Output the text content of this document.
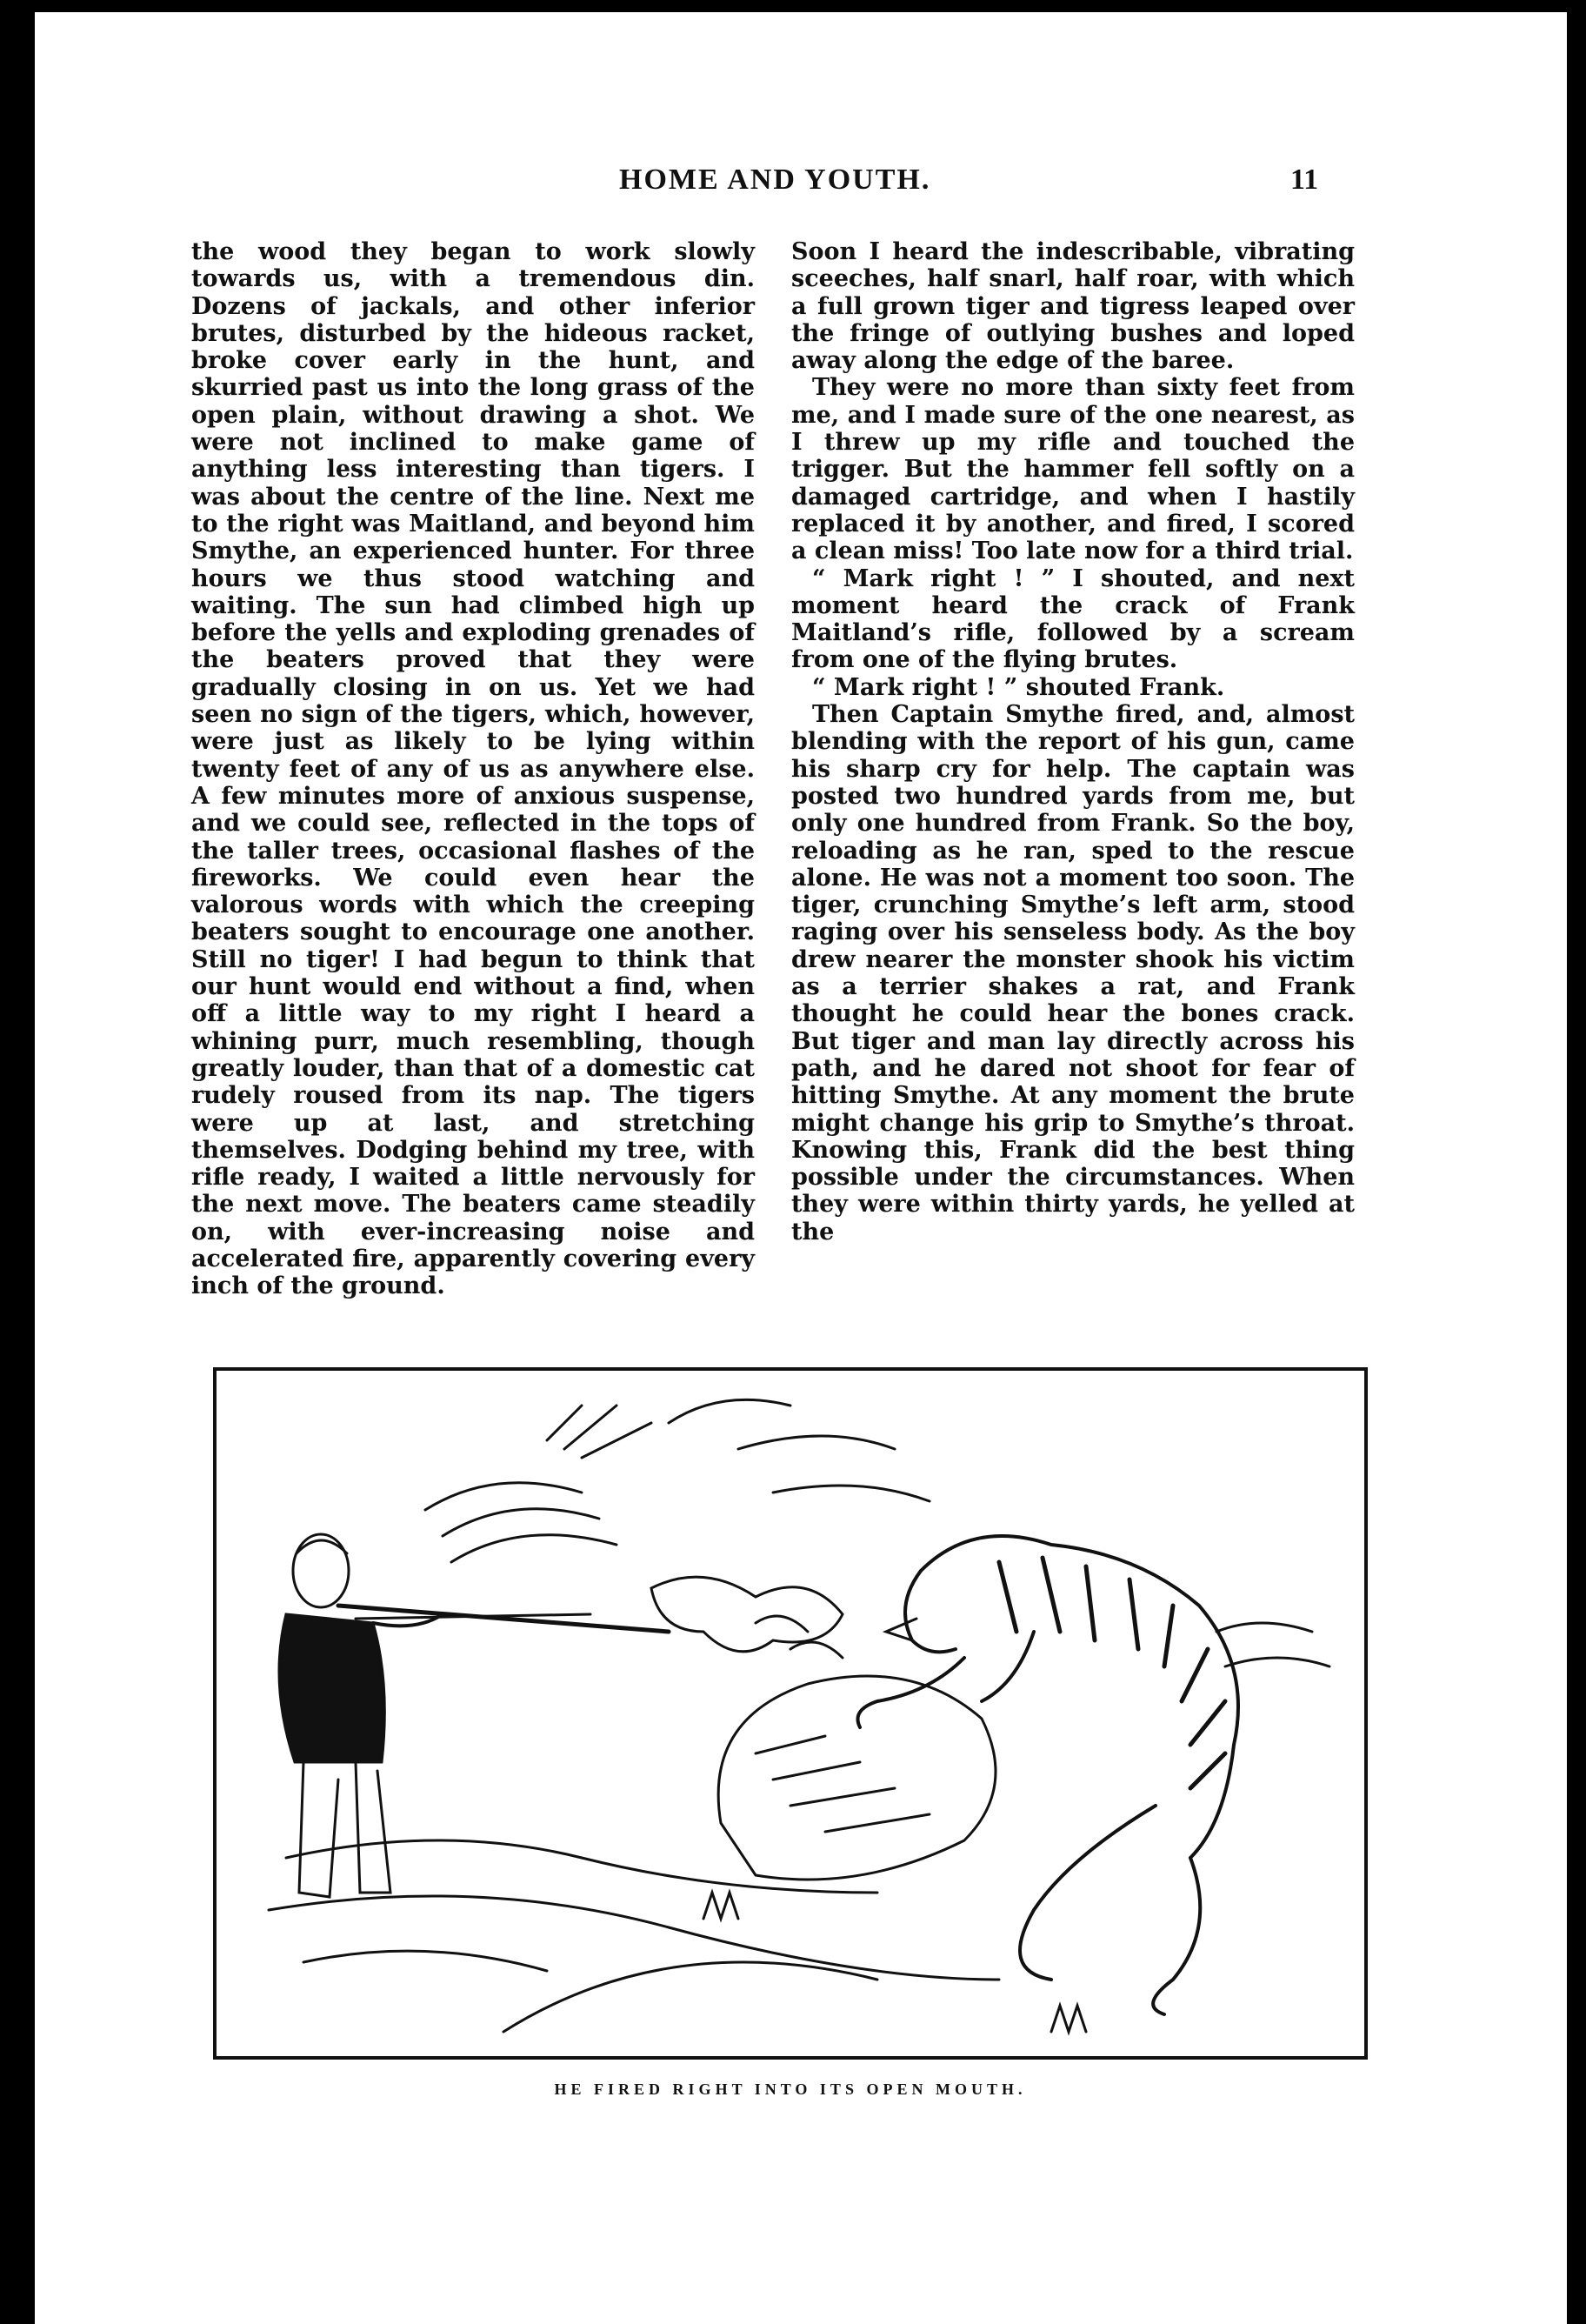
HOME AND YOUTH.	11

the wood they began to work slowly towards us, with a tremendous din. Dozens of jackals, and other inferior brutes, disturbed by the hideous racket, broke cover early in the hunt, and skurried past us into the long grass of the open plain, without drawing a shot. We were not inclined to make game of anything less interesting than tigers. I was about the centre of the line. Next me to the right was Maitland, and beyond him Smythe, an experienced hunter. For three hours we thus stood watching and waiting. The sun had climbed high up before the yells and exploding grenades of the beaters proved that they were gradually closing in on us. Yet we had seen no sign of the tigers, which, however, were just as likely to be lying within twenty feet of any of us as anywhere else. A few minutes more of anxious suspense, and we could see, reflected in the tops of the taller trees, occasional flashes of the fireworks. We could even hear the valorous words with which the creeping beaters sought to encourage one another. Still no tiger! I had begun to think that our hunt would end without a find, when off a little way to my right I heard a whining purr, much resembling, though greatly louder, than that of a domestic cat rudely roused from its nap. The tigers were up at last, and stretching themselves. Dodging behind my tree, with rifle ready, I waited a little nervously for the next move. The beaters came steadily on, with ever-increasing noise and accelerated fire, apparently covering every inch of the ground.

Soon I heard the indescribable, vibrating sceeches, half snarl, half roar, with which a full grown tiger and tigress leaped over the fringe of outlying bushes and loped away along the edge of the baree.

They were no more than sixty feet from me, and I made sure of the one nearest, as I threw up my rifle and touched the trigger. But the hammer fell softly on a damaged cartridge, and when I hastily replaced it by another, and fired, I scored a clean miss! Too late now for a third trial.

“ Mark right ! ” I shouted, and next moment heard the crack of Frank Maitland’s rifle, followed by a scream from one of the flying brutes.

“ Mark right ! ” shouted Frank.

Then Captain Smythe fired, and, almost blending with the report of his gun, came his sharp cry for help. The captain was posted two hundred yards from me, but only one hundred from Frank. So the boy, reloading as he ran, sped to the rescue alone. He was not a moment too soon. The tiger, crunching Smythe’s left arm, stood raging over his senseless body. As the boy drew nearer the monster shook his victim as a terrier shakes a rat, and Frank thought he could hear the bones crack. But tiger and man lay directly across his path, and he dared not shoot for fear of hitting Smythe. At any moment the brute might change his grip to Smythe’s throat. Knowing this, Frank did the best thing possible under the circumstances. When they were within thirty yards, he yelled at the

HE FIRED RIGHT INTO ITS OPEN MOUTH.
